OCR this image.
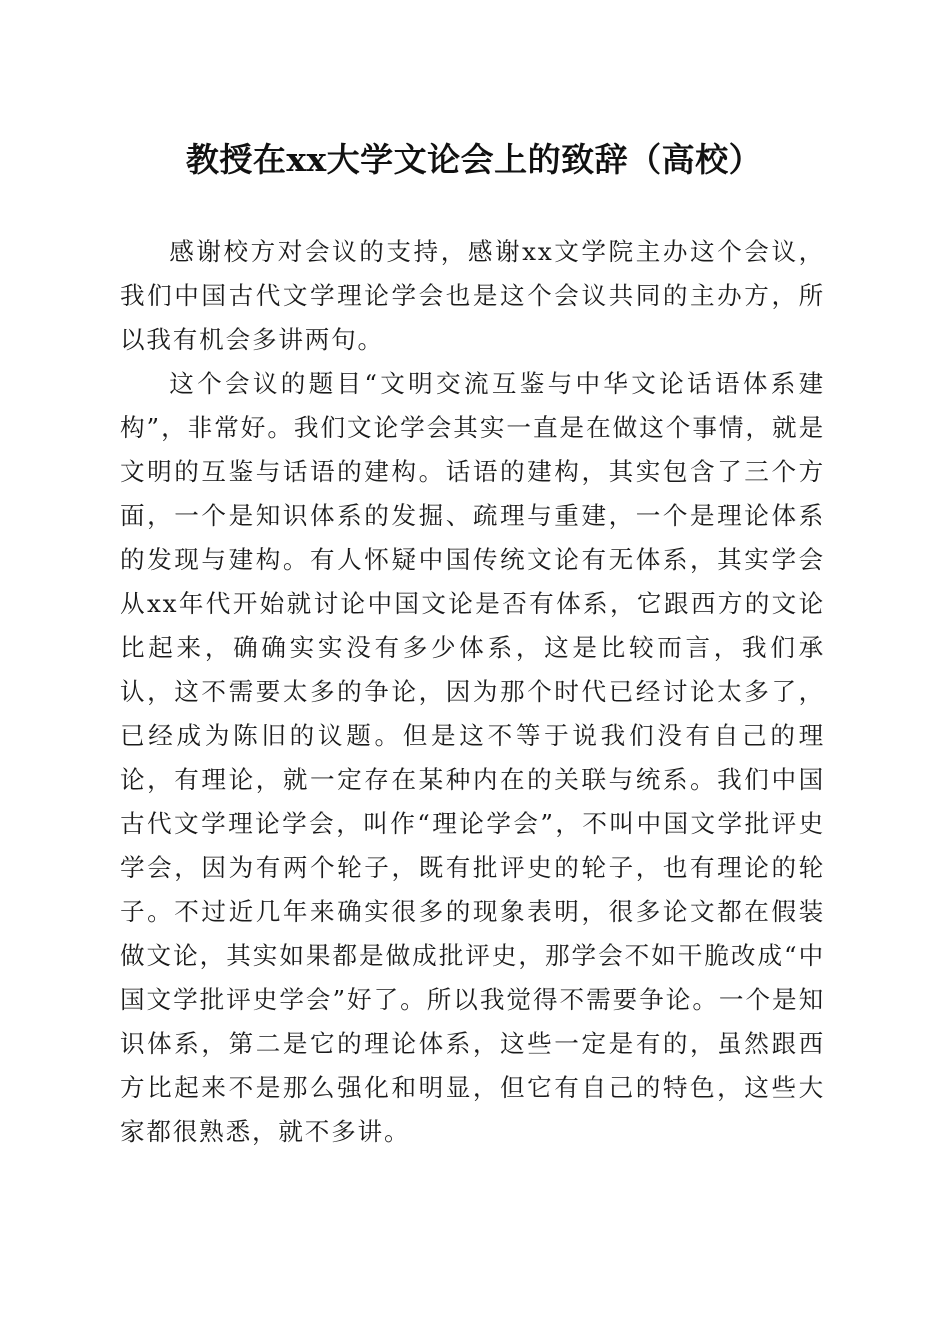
教授在xx大学文论会上的致辞（高校）

感谢校方对会议的支持，感谢xx文学院主办这个会议，我们中国古代文学理论学会也是这个会议共同的主办方，所以我有机会多讲两句。

这个会议的题目“文明交流互鉴与中华文论话语体系建构”，非常好。我们文论学会其实一直是在做这个事情，就是文明的互鉴与话语的建构。话语的建构，其实包含了三个方面，一个是知识体系的发掘、疏理与重建，一个是理论体系的发现与建构。有人怀疑中国传统文论有无体系，其实学会从xx年代开始就讨论中国文论是否有体系，它跟西方的文论比起来，确确实实没有多少体系，这是比较而言，我们承认，这不需要太多的争论，因为那个时代已经讨论太多了，已经成为陈旧的议题。但是这不等于说我们没有自己的理论，有理论，就一定存在某种内在的关联与统系。我们中国古代文学理论学会，叫作“理论学会”，不叫中国文学批评史学会，因为有两个轮子，既有批评史的轮子，也有理论的轮子。不过近几年来确实很多的现象表明，很多论文都在假装做文论，其实如果都是做成批评史，那学会不如干脆改成“中国文学批评史学会”好了。所以我觉得不需要争论。一个是知识体系，第二是它的理论体系，这些一定是有的，虽然跟西方比起来不是那么强化和明显，但它有自己的特色，这些大家都很熟悉，就不多讲。
